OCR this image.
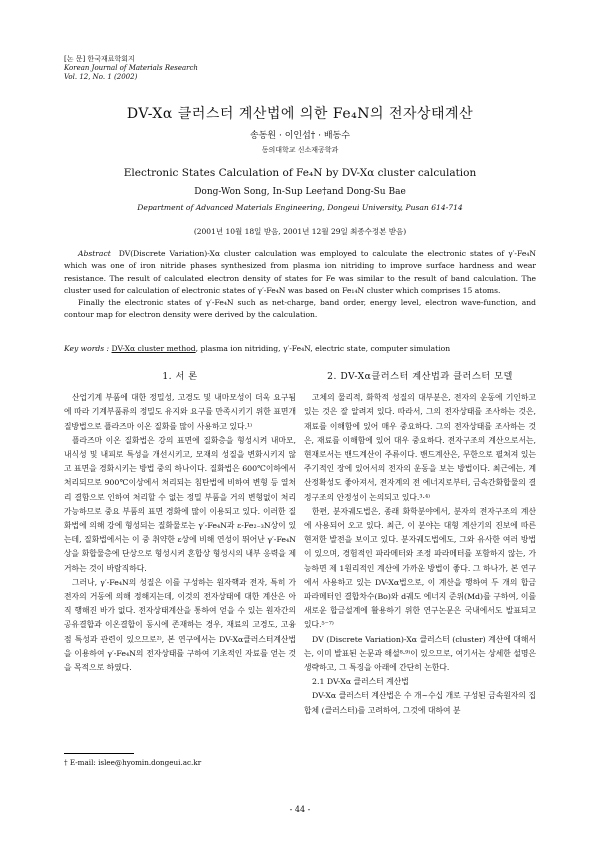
[논 문] 한국재료학회지
Korean Journal of Materials Research
Vol. 12, No. 1 (2002)
DV-Xα 클러스터 계산법에 의한 Fe₄N의 전자상태계산
송동원 · 이인섭† · 배동수
동의대학교 신소재공학과
Electronic States Calculation of Fe₄N by DV-Xα cluster calculation
Dong-Won Song, In-Sup Lee†and Dong-Su Bae
Department of Advanced Materials Engineering, Dongeui University, Pusan 614-714
(2001년 10월 18일 받음, 2001년 12월 29일 최종수정본 받음)

Abstract DV(Discrete Variation)-Xα cluster calculation was employed to calculate the electronic states of γ′-Fe₄N which was one of iron nitride phases synthesized from plasma ion nitriding to improve surface hardness and wear resistance. The result of calculated electron density of states for Fe was similar to the result of band calculation. The cluster used for calculation of electronic states of γ′-Fe₄N was based on Fe₁₄N cluster which comprises 15 atoms.

Finally the electronic states of γ′-Fe₄N such as net-charge, band order, energy level, electron wave-function, and contour map for electron density were derived by the calculation.

Key words : DV-Xα cluster method, plasma ion nitriding, γ′-Fe₄N, electric state, computer simulation
1. 서 론

산업기계 부품에 대한 정밀성, 고경도 및 내마모성이 더욱 요구됨에 따라 기계부품류의 정밀도 유지와 요구를 만족시키기 위한 표면개질방법으로 플라즈마 이온 질화를 많이 사용하고 있다.¹⁾

플라즈마 이온 질화법은 강의 표면에 질화층을 형성시켜 내마모, 내식성 및 내피로 특성을 개선시키고, 모재의 성질을 변화시키지 않고 표면을 경화시키는 방법 중의 하나이다. 질화법은 600℃이하에서 처리되므로 900℃이상에서 처리되는 침탄법에 비하여 변형 등 열처리 결함으로 인하여 처리할 수 없는 정밀 부품을 거의 변형없이 처리 가능하므로 중요 부품의 표면 경화에 많이 이용되고 있다. 이러한 질화법에 의해 강에 형성되는 질화물로는 γ′-Fe₄N과 ε-Fe₂₋₃N상이 있는데, 질화법에서는 이 중 취약한 ε상에 비해 연성이 뛰어난 γ′-Fe₄N상을 화합물층에 단상으로 형성시켜 혼합상 형성시의 내부 응력을 제거하는 것이 바람직하다.

그러나, γ′-Fe₄N의 성질은 이를 구성하는 원자핵과 전자, 특히 가전자의 거동에 의해 정해지는데, 이것의 전자상태에 대한 계산은 아직 행해진 바가 없다. 전자상태계산을 통하여 얻을 수 있는 원자간의 공유결합과 이온결합이 동시에 존재하는 경우, 재료의 고경도, 고융점 특성과 관련이 있으므로²⁾, 본 연구에서는 DV-Xα클러스터계산법을 이용하여 γ′-Fe₄N의 전자상태를 구하여 기초적인 자료를 얻는 것을 목적으로 하였다.

2. DV-Xα클러스터 계산법과 클러스터 모델

고체의 물리적, 화학적 성질의 대부분은, 전자의 운동에 기인하고 있는 것은 잘 알려져 있다. 따라서, 그의 전자상태를 조사하는 것은, 재료를 이해함에 있어 매우 중요하다. 그의 전자상태를 조사하는 것은, 재료를 이해함에 있어 대우 중요하다. 전자구조의 계산으로서는, 현재로서는 밴드계산이 주류이다. 밴드계산은, 무한으로 펼쳐져 있는 주기적인 장에 있어서의 전자의 운동을 보는 방법이다. 최근에는, 계산정확성도 좋아져서, 전자계의 전 에너지로부터, 금속간화합물의 결정구조의 안정성이 논의되고 있다.³·⁴⁾

한편, 분자궤도법은, 종래 화학분야에서, 분자의 전자구조의 계산에 사용되어 오고 있다. 최근, 이 분야는 대형 계산기의 진보에 따른 현저한 발전을 보이고 있다. 분자궤도법에도, 그와 유사한 여러 방법이 있으며, 경험적인 파라메터와 조정 파라메터를 포함하지 않는, 가능하면 제 1원리적인 계산에 가까운 방법이 좋다. 그 하나가, 본 연구에서 사용하고 있는 DV-Xα법으로, 이 계산을 행하여 두 개의 합금 파라메터인 결합차수(Bo)와 d궤도 에너지 준위(Md)를 구하여, 이를 새로운 합금설계에 활용하기 위한 연구논문은 국내에서도 발표되고 있다.⁵⁻⁷⁾

DV (Discrete Variation)-Xα 클러스터 (cluster) 계산에 대해서는, 이미 발표된 논문과 해설⁸·⁹⁾이 있으므로, 여기서는 상세한 설명은 생략하고, 그 특징을 아래에 간단히 논한다.

2.1 DV-Xα 클러스터 계산법

DV-Xα 클러스터 계산법은 수 개~수십 개로 구성된 금속원자의 집합체 (클러스터)를 고려하여, 그것에 대하여 분

† E-mail: islee@hyomin.dongeui.ac.kr
- 44 -
